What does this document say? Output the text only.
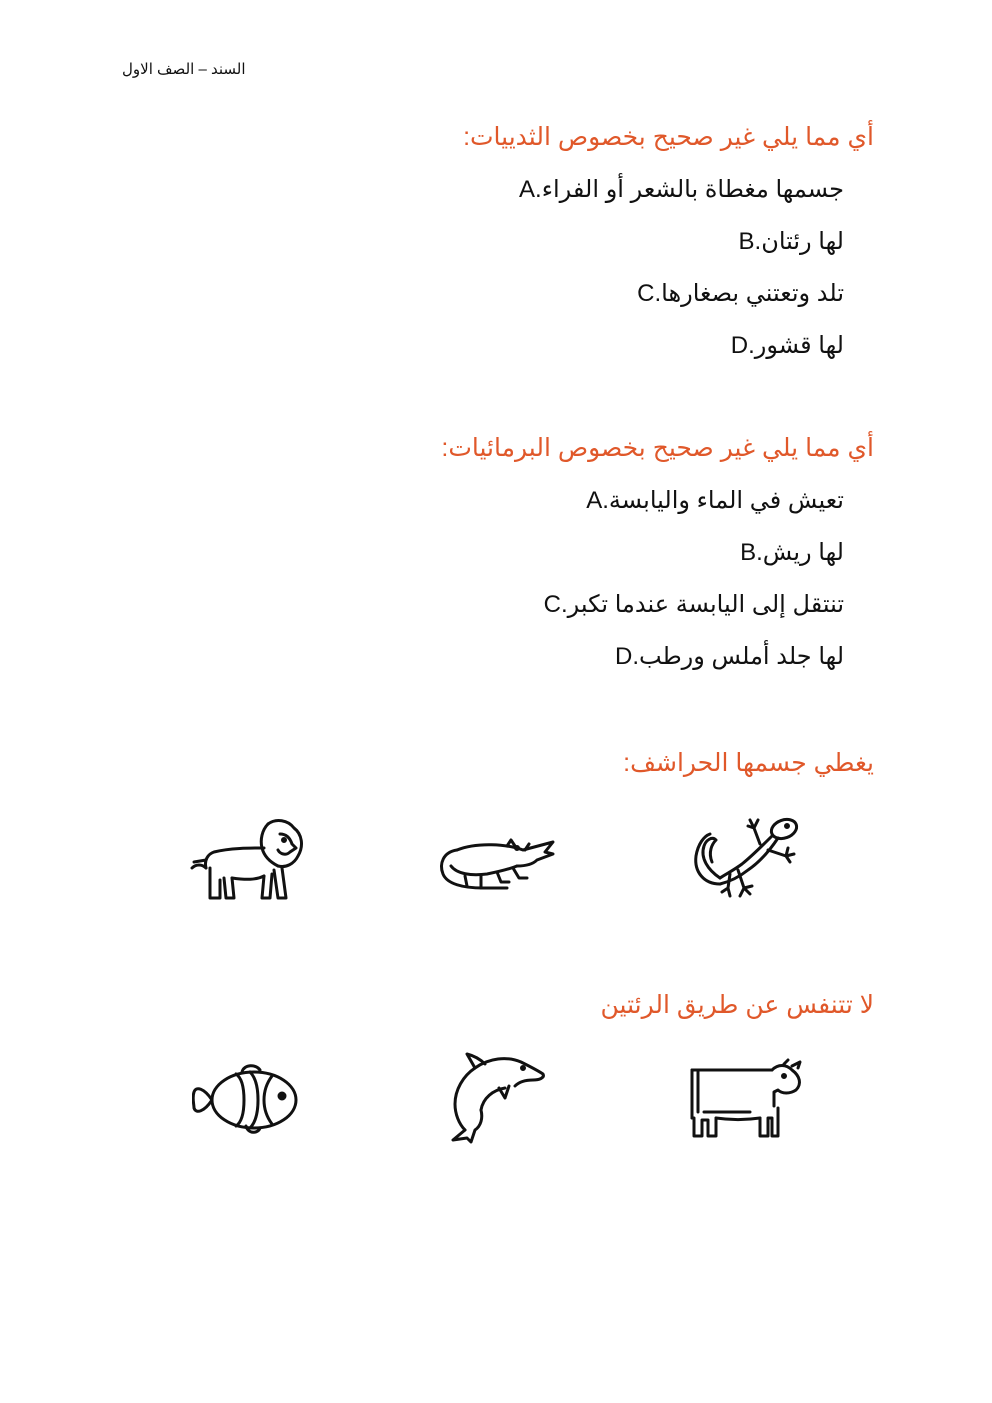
السند – الصف الاول
أي مما يلي غير صحيح بخصوص الثدييات:
A.جسمها مغطاة بالشعر أو الفراء
B.لها رئتان
C.تلد وتعتني بصغارها
D.لها قشور
أي مما يلي غير صحيح بخصوص البرمائيات:
A.تعيش في الماء واليابسة
B.لها ريش
C.تنتقل إلى اليابسة عندما تكبر
D.لها جلد أملس ورطب
يغطي جسمها الحراشف:
لا تتنفس عن طريق الرئتين
